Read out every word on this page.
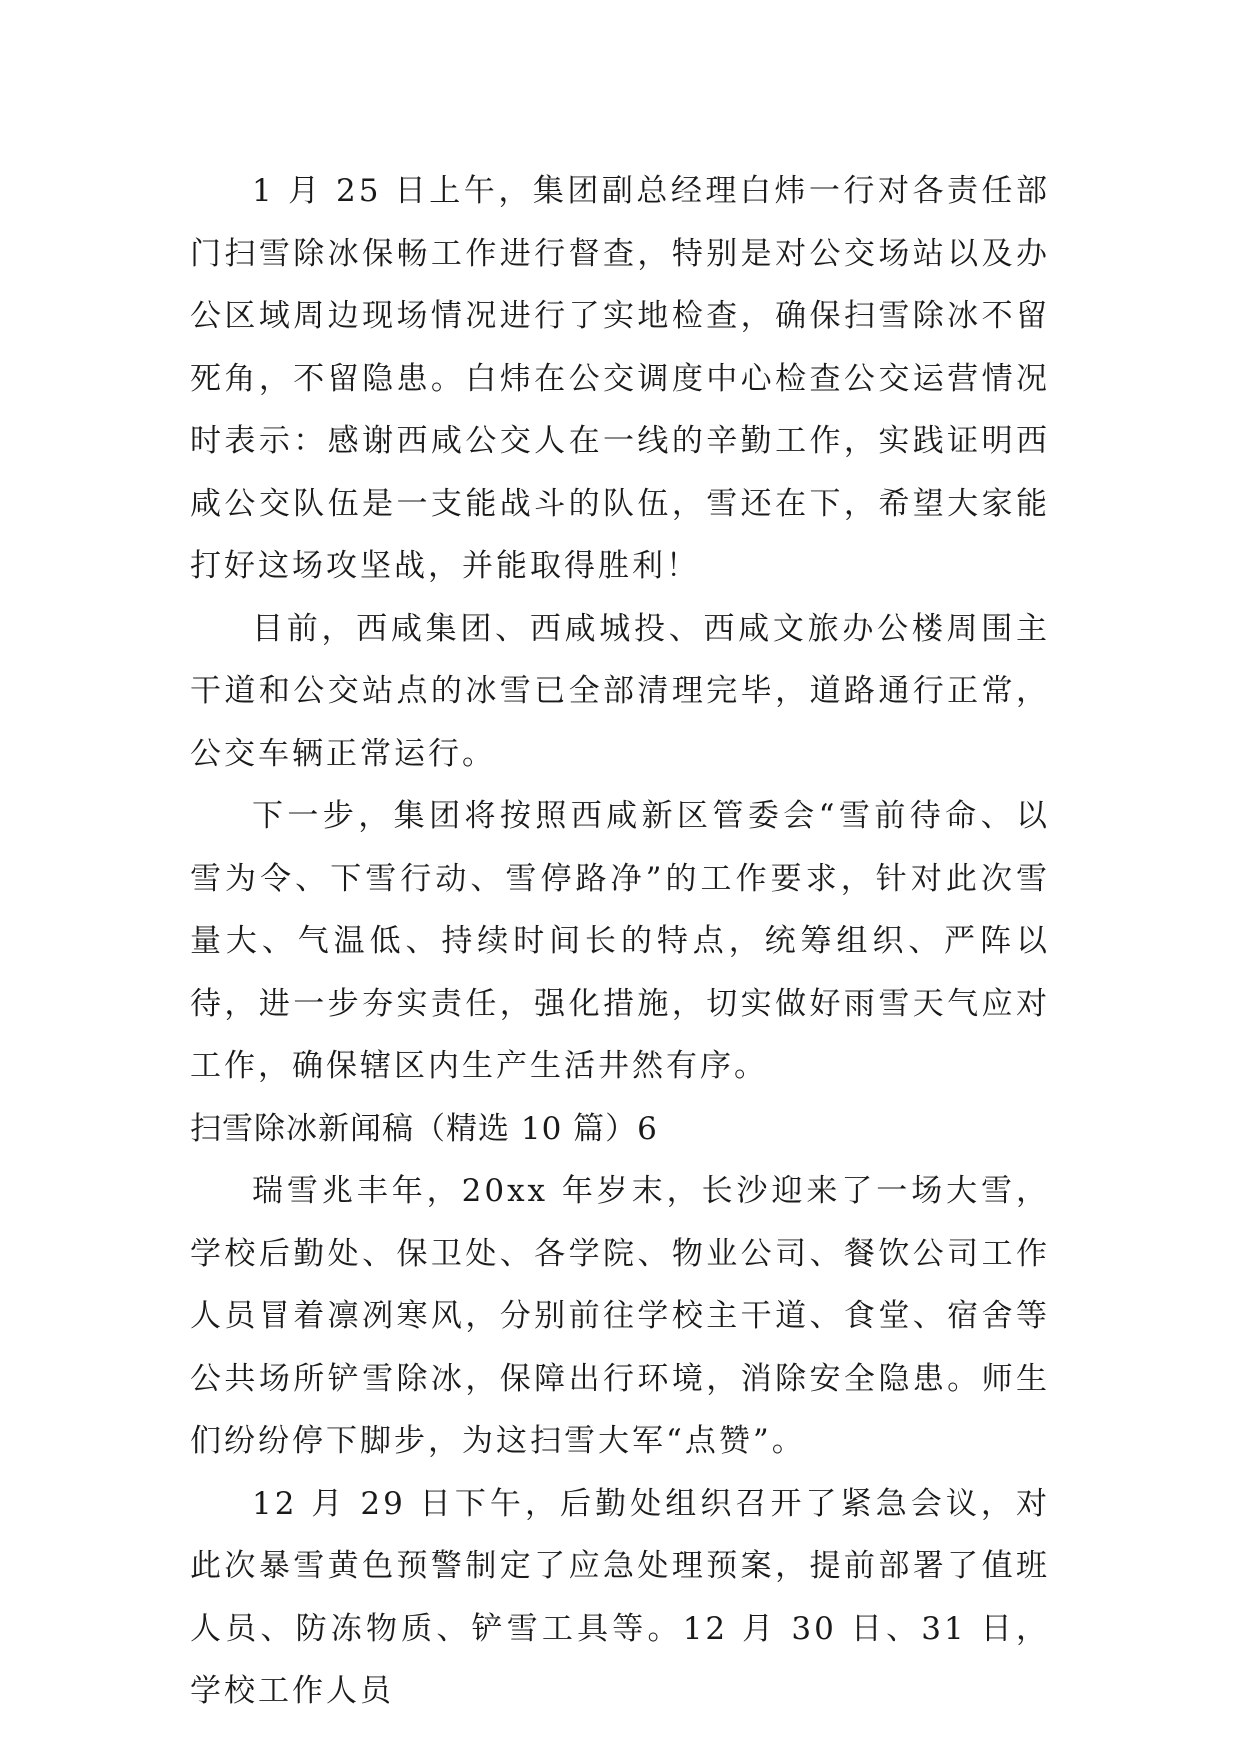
1 月 25 日上午，集团副总经理白炜一行对各责任部门扫雪除冰保畅工作进行督查，特别是对公交场站以及办公区域周边现场情况进行了实地检查，确保扫雪除冰不留死角，不留隐患。白炜在公交调度中心检查公交运营情况时表示：感谢西咸公交人在一线的辛勤工作，实践证明西咸公交队伍是一支能战斗的队伍，雪还在下，希望大家能打好这场攻坚战，并能取得胜利！

目前，西咸集团、西咸城投、西咸文旅办公楼周围主干道和公交站点的冰雪已全部清理完毕，道路通行正常，公交车辆正常运行。

下一步，集团将按照西咸新区管委会“雪前待命、以雪为令、下雪行动、雪停路净”的工作要求，针对此次雪量大、气温低、持续时间长的特点，统筹组织、严阵以待，进一步夯实责任，强化措施，切实做好雨雪天气应对工作，确保辖区内生产生活井然有序。

扫雪除冰新闻稿（精选 10 篇）6

瑞雪兆丰年，20xx 年岁末，长沙迎来了一场大雪，学校后勤处、保卫处、各学院、物业公司、餐饮公司工作人员冒着凛冽寒风，分别前往学校主干道、食堂、宿舍等公共场所铲雪除冰，保障出行环境，消除安全隐患。师生们纷纷停下脚步，为这扫雪大军“点赞”。

12 月 29 日下午，后勤处组织召开了紧急会议，对此次暴雪黄色预警制定了应急处理预案，提前部署了值班人员、防冻物质、铲雪工具等。12 月 30 日、31 日，学校工作人员
